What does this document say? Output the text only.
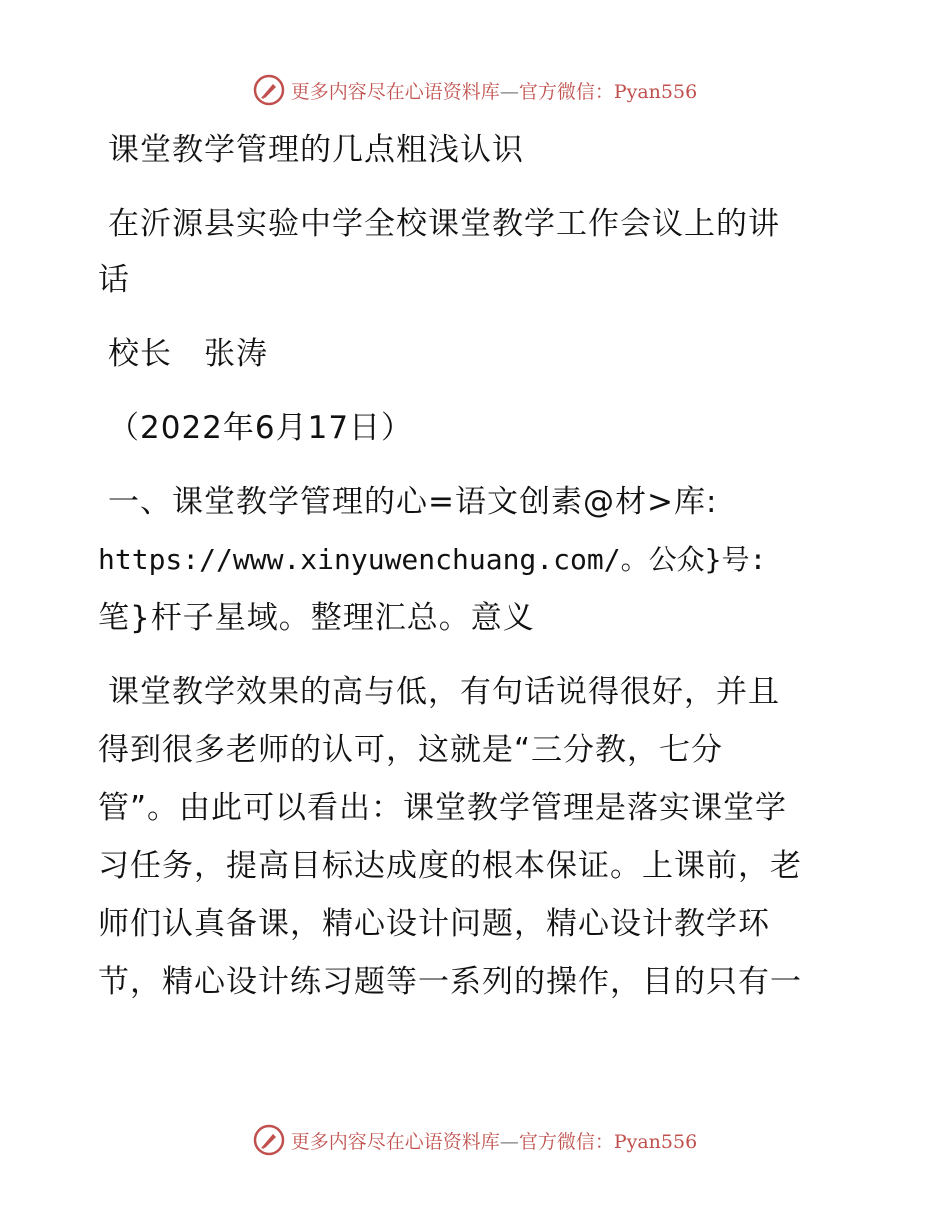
更多内容尽在心语资料库—官方微信：Pyan556
课堂教学管理的几点粗浅认识
在沂源县实验中学全校课堂教学工作会议上的讲
话
校长　张涛
（2022年6月17日）
一、课堂教学管理的心=语文创素@材>库:
https://www.xinyuwenchuang.com/。公众}号:
笔}杆子星域。整理汇总。意义
课堂教学效果的高与低，有句话说得很好，并且
得到很多老师的认可，这就是“三分教，七分
管”。由此可以看出：课堂教学管理是落实课堂学
习任务，提高目标达成度的根本保证。上课前，老
师们认真备课，精心设计问题，精心设计教学环
节，精心设计练习题等一系列的操作，目的只有一
更多内容尽在心语资料库—官方微信：Pyan556
